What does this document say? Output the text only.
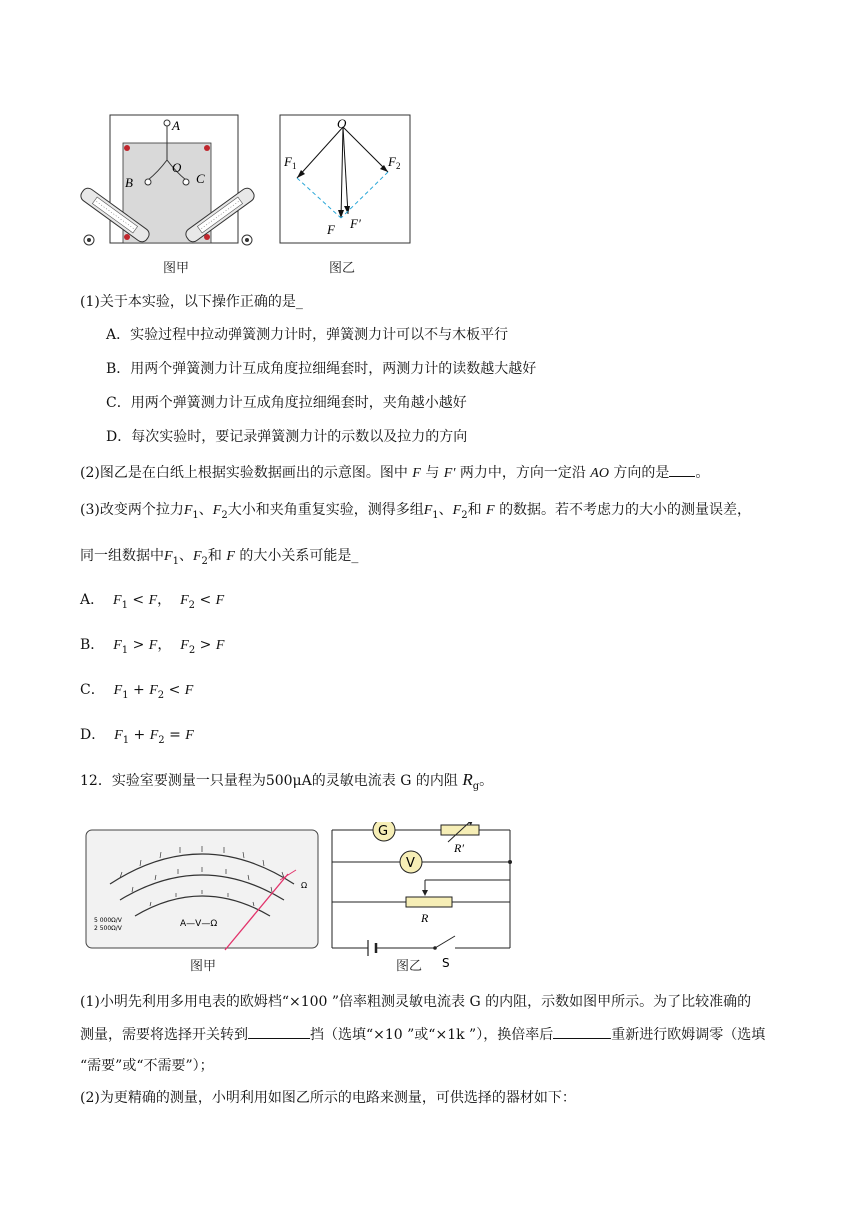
A
O
B	C
O
$F_1$	$F_2$
F F′
图甲	图乙
(1)关于本实验，以下操作正确的是_
A．实验过程中拉动弹簧测力计时，弹簧测力计可以不与木板平行
B．用两个弹簧测力计互成角度拉细绳套时，两测力计的读数越大越好
C．用两个弹簧测力计互成角度拉细绳套时，夹角越小越好
D．每次实验时，要记录弹簧测力计的示数以及拉力的方向
(2)图乙是在白纸上根据实验数据画出的示意图。图中 F 与 F′ 两力中，方向一定沿 AO 方向的是 。
(3)改变两个拉力$F_1$、$F_2$大小和夹角重复实验，测得多组$F_1$、$F_2$和 F 的数据。若不考虑力的大小的测量误差，
同一组数据中$F_1$、$F_2$和 F 的大小关系可能是_
A． $F_1 < F$， $F_2 < F$
B． $F_1 > F$， $F_2 > F$
C． $F_1 + F_2 < F$
D． $F_1 + F_2 = F$
12．实验室要测量一只量程为500μA的灵敏电流表 G 的内阻 $R_g$。
A—V—Ω
5 000Ω/V
2 500Ω/V
Ω
G
R′
V
R
S
图甲	图乙
(1)小明先利用多用电表的欧姆档“×100 ”倍率粗测灵敏电流表 G 的内阻，示数如图甲所示。为了比较准确的
测量，需要将选择开关转到	挡（选填“×10 ”或“×1k ”），换倍率后	重新进行欧姆调零（选填
“需要”或“不需要”）；
(2)为更精确的测量，小明利用如图乙所示的电路来测量，可供选择的器材如下：
